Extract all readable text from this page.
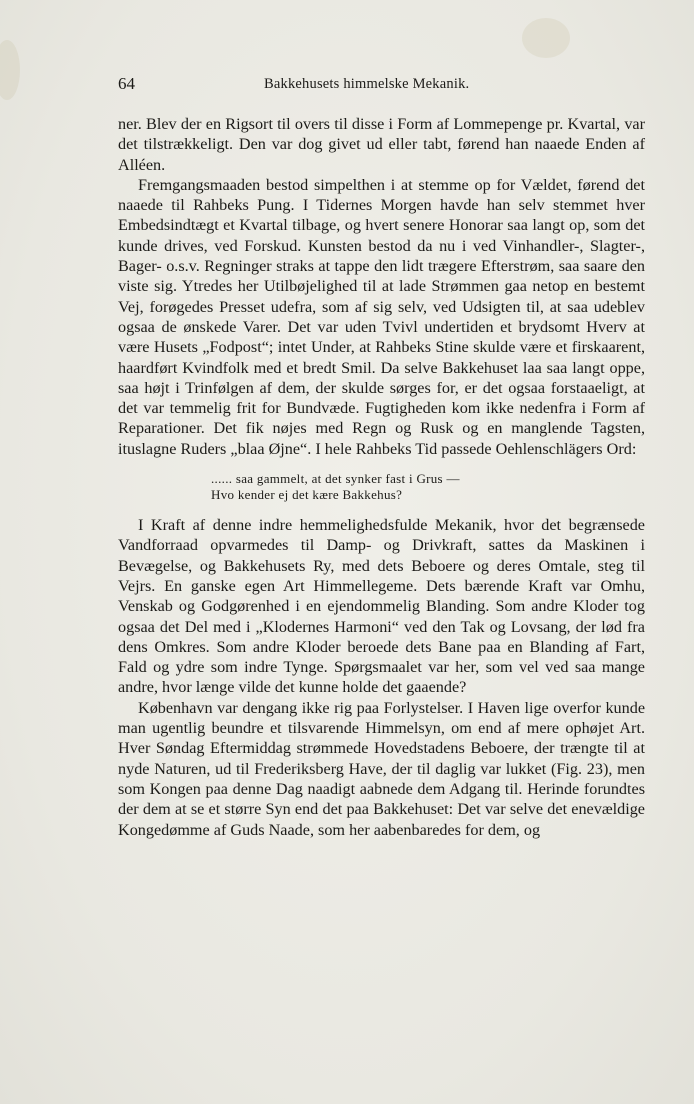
64	Bakkehusets himmelske Mekanik.

ner. Blev der en Rigsort til overs til disse i Form af Lommepenge pr. Kvartal, var det tilstrækkeligt. Den var dog givet ud eller tabt, førend han naaede Enden af Alléen.

Fremgangsmaaden bestod simpelthen i at stemme op for Vældet, førend det naaede til Rahbeks Pung. I Tidernes Morgen havde han selv stemmet hver Embedsindtægt et Kvartal tilbage, og hvert senere Honorar saa langt op, som det kunde drives, ved Forskud. Kunsten bestod da nu i ved Vinhandler-, Slagter-, Bager- o.s.v. Regninger straks at tappe den lidt trægere Efterstrøm, saa saare den viste sig. Ytredes her Utilbøjelighed til at lade Strømmen gaa netop en bestemt Vej, forøgedes Presset udefra, som af sig selv, ved Udsigten til, at saa udeblev ogsaa de ønskede Varer. Det var uden Tvivl undertiden et brydsomt Hverv at være Husets „Fodpost“; intet Under, at Rahbeks Stine skulde være et firskaarent, haardført Kvindfolk med et bredt Smil. Da selve Bakkehuset laa saa langt oppe, saa højt i Trinfølgen af dem, der skulde sørges for, er det ogsaa forstaaeligt, at det var temmelig frit for Bundvæde. Fugtigheden kom ikke nedenfra i Form af Reparationer. Det fik nøjes med Regn og Rusk og en manglende Tagsten, ituslagne Ruders „blaa Øjne“. I hele Rahbeks Tid passede Oehlenschlägers Ord:

...... saa gammelt, at det synker fast i Grus —
Hvo kender ej det kære Bakkehus?

I Kraft af denne indre hemmelighedsfulde Mekanik, hvor det begrænsede Vandforraad opvarmedes til Damp- og Drivkraft, sattes da Maskinen i Bevægelse, og Bakkehusets Ry, med dets Beboere og deres Omtale, steg til Vejrs. En ganske egen Art Himmellegeme. Dets bærende Kraft var Omhu, Venskab og Godgørenhed i en ejendommelig Blanding. Som andre Kloder tog ogsaa det Del med i „Klodernes Harmoni“ ved den Tak og Lovsang, der lød fra dens Omkres. Som andre Kloder beroede dets Bane paa en Blanding af Fart, Fald og ydre som indre Tynge. Spørgsmaalet var her, som vel ved saa mange andre, hvor længe vilde det kunne holde det gaaende?

København var dengang ikke rig paa Forlystelser. I Haven lige overfor kunde man ugentlig beundre et tilsvarende Himmelsyn, om end af mere ophøjet Art. Hver Søndag Eftermiddag strømmede Hovedstadens Beboere, der trængte til at nyde Naturen, ud til Frederiksberg Have, der til daglig var lukket (Fig. 23), men som Kongen paa denne Dag naadigt aabnede dem Adgang til. Herinde forundtes der dem at se et større Syn end det paa Bakkehuset: Det var selve det enevældige Kongedømme af Guds Naade, som her aabenbaredes for dem, og
